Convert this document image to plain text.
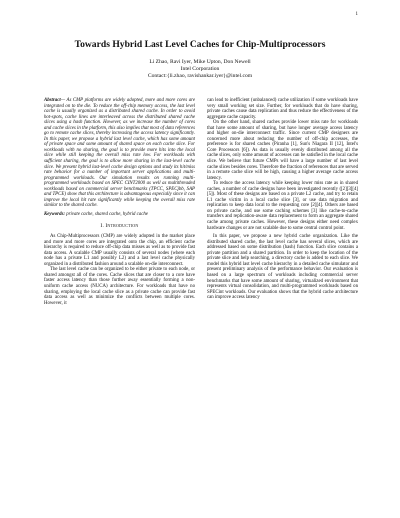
1
Towards Hybrid Last Level Caches for Chip-Multiprocessors
Li Zhao, Ravi Iyer, Mike Upton, Don Newell
Intel Corporation
Contact:{li.zhao, ravishankar.iyer}@intel.com

Abstract— As CMP platforms are widely adopted, more and more cores are integrated on to the die. To reduce the off-chip memory access, the last level cache is usually organized as a distributed shared cache. In order to avoid hot-spots, cache lines are interleaved across the distributed shared cache slices using a hash function. However, as we increase the number of cores and cache slices in the platform, this also implies that most of data references go to remote cache slices, thereby increasing the access latency significantly. In this paper, we propose a hybrid last level cache, which has some amount of private space and some amount of shared space on each cache slice. For workloads with no sharing, the goal is to provide more hits into the local slice while still keeping the overall miss rate low. For workloads with sufficient sharing, the goal is to allow more sharing in the last-level cache slice. We present hybrid last-level cache design options and study its hit/miss rate behavior for a number of important server applications and multi-programmed workloads. Our simulation results on running multi-programmed workloads based on SPEC CINT2000 as well as multithreaded workloads based on commercial server benchmarks (TPCC, SPECjbb, SAP and TPCE) show that this architecture is advantageous especially since it can improve the local hit rate significantly while keeping the overall miss rate similar to the shared cache.

Keywords: private cache, shared cache, hybrid cache

I. Introduction

As Chip-Multiprocessors (CMP) are widely adopted in the market place and more and more cores are integrated onto the chip, an efficient cache hierarchy is required to reduce off-chip data misses as well as to provide fast data access. A scalable CMP usually consists of several nodes (where each node has a private L1 and possibly L2) and a last level cache physically organized in a distributed fashion around a scalable on-die interconnect.

The last level cache can be organized to be either private to each node, or shared amongst all of the cores. Cache slices that are closer to a core have faster access latency than those further away essentially forming a non-uniform cache access (NUCA) architecture. For workloads that have no sharing, employing the local cache slice as a private cache can provide fast data access as well as minimize the conflicts between multiple cores. However, it

can lead to inefficient (unbalanced) cache utilization if some workloads have very small working set size. Further, for workloads that do have sharing, private caches cause data replication and thus reduce the effectiveness of the aggregate cache capacity.

On the other hand, shared caches provide lower miss rate for workloads that have some amount of sharing, but have longer average access latency and higher on-die interconnect traffic. Since current CMP designers are concerned more about reducing the number of off-chip accesses, the preference is for shared caches (Piranha [1], Sun's Niagara II [12], Intel's Core Processors [6]). As data is usually evenly distributed among all the cache slices, only some amount of accesses can be satisfied in the local cache slice. We believe that future CMPs will have a large number of last level cache slices besides cores. Therefore the fraction of references that are served in a remote cache slice will be high, causing a higher average cache access latency.

To reduce the access latency while keeping lower miss rate as in shared caches, a number of cache designs have been investigated recently ([2][3][4][5]). Most of these designs are based on a private L2 cache, and try to retain L1 cache victim in a local cache slice [3], or use data migration and replication to keep data local to the requesting core [2][4]. Others are based on private cache, and use some caching schemes [3] like cache-to-cache transfers and replication-aware data replacement to form an aggregate shared cache among private caches. However, these designs either need complex hardware changes or are not scalable due to some central control point.

In this paper, we propose a new hybrid cache organization. Like the distributed shared cache, the last level cache has several slices, which are addressed based on some distribution (hash) function. Each slice contains a private partition and a shared partition. In order to keep the location of the private slice and help searching, a directory cache is added to each slice. We model this hybrid last level cache hierarchy in a detailed cache simulator and present preliminary analysis of the performance behavior. Our evaluation is based on a large spectrum of workloads including commercial server benchmarks that have some amount of sharing, virtualized environment that represents virtual consolidation, and multi-programmed workloads based on SPECint workloads. Our evaluation shows that the hybrid cache architecture can improve access latency
